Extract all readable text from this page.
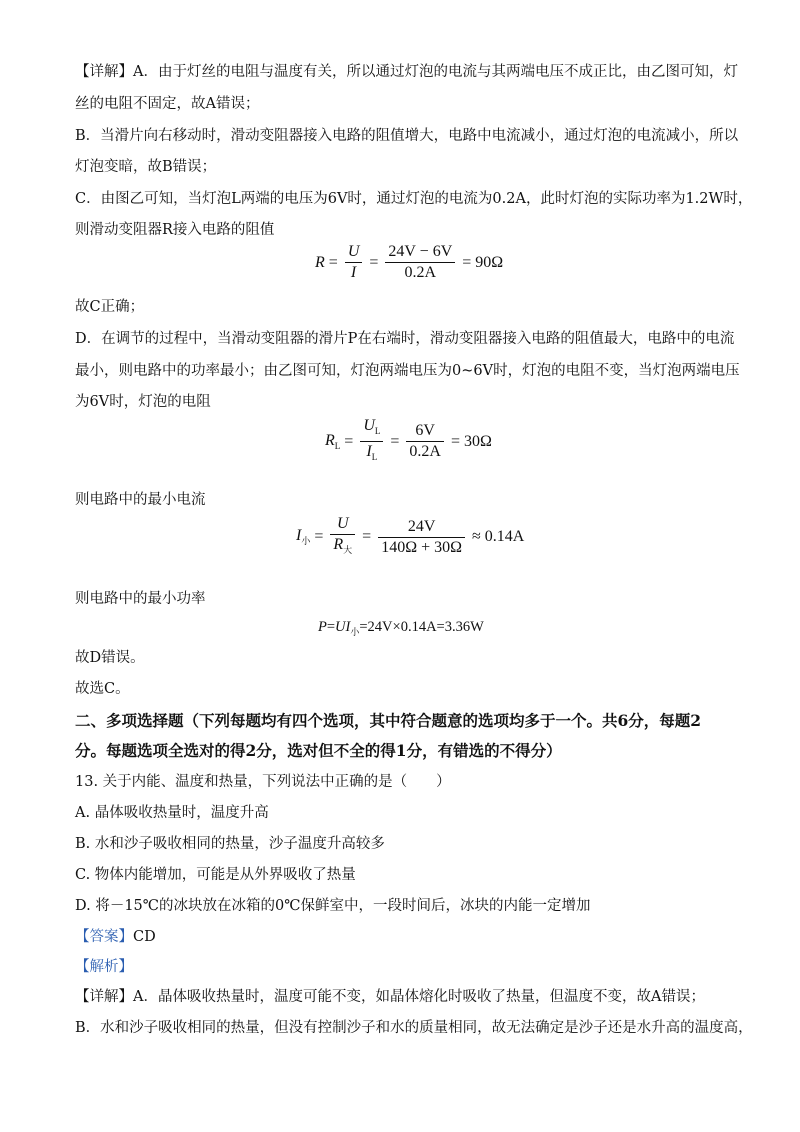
【详解】A．由于灯丝的电阻与温度有关，所以通过灯泡的电流与其两端电压不成正比，由乙图可知，灯
丝的电阻不固定，故A错误；
B．当滑片向右移动时，滑动变阻器接入电路的阻值增大，电路中电流减小，通过灯泡的电流减小，所以
灯泡变暗，故B错误；
C．由图乙可知，当灯泡L两端的电压为6V时，通过灯泡的电流为0.2A，此时灯泡的实际功率为1.2W时，
则滑动变阻器R接入电路的阻值
$R = \frac{U}{I} = \frac{24V - 6V}{0.2A} = 90\Omega$
故C正确；
D．在调节的过程中，当滑动变阻器的滑片P在右端时，滑动变阻器接入电路的阻值最大，电路中的电流
最小，则电路中的功率最小；由乙图可知，灯泡两端电压为0~6V时，灯泡的电阻不变，当灯泡两端电压
为6V时，灯泡的电阻
$R_L = \frac{U_L}{I_L} = \frac{6V}{0.2A} = 30\Omega$
则电路中的最小电流
$I_小 = \frac{U}{R_大} = \frac{24V}{140\Omega + 30\Omega} \approx 0.14A$
则电路中的最小功率
$P=UI_小=24V\times 0.14A=3.36W$
故D错误。
故选C。
二、多项选择题（下列每题均有四个选项，其中符合题意的选项均多于一个。共6分，每题2
分。每题选项全选对的得2分，选对但不全的得1分，有错选的不得分）
13. 关于内能、温度和热量，下列说法中正确的是（　　）
A. 晶体吸收热量时，温度升高
B. 水和沙子吸收相同的热量，沙子温度升高较多
C. 物体内能增加，可能是从外界吸收了热量
D. 将－15℃的冰块放在冰箱的0℃保鲜室中，一段时间后，冰块的内能一定增加
【答案】CD
【解析】
【详解】A．晶体吸收热量时，温度可能不变，如晶体熔化时吸收了热量，但温度不变，故A错误；
B．水和沙子吸收相同的热量，但没有控制沙子和水的质量相同，故无法确定是沙子还是水升高的温度高，
